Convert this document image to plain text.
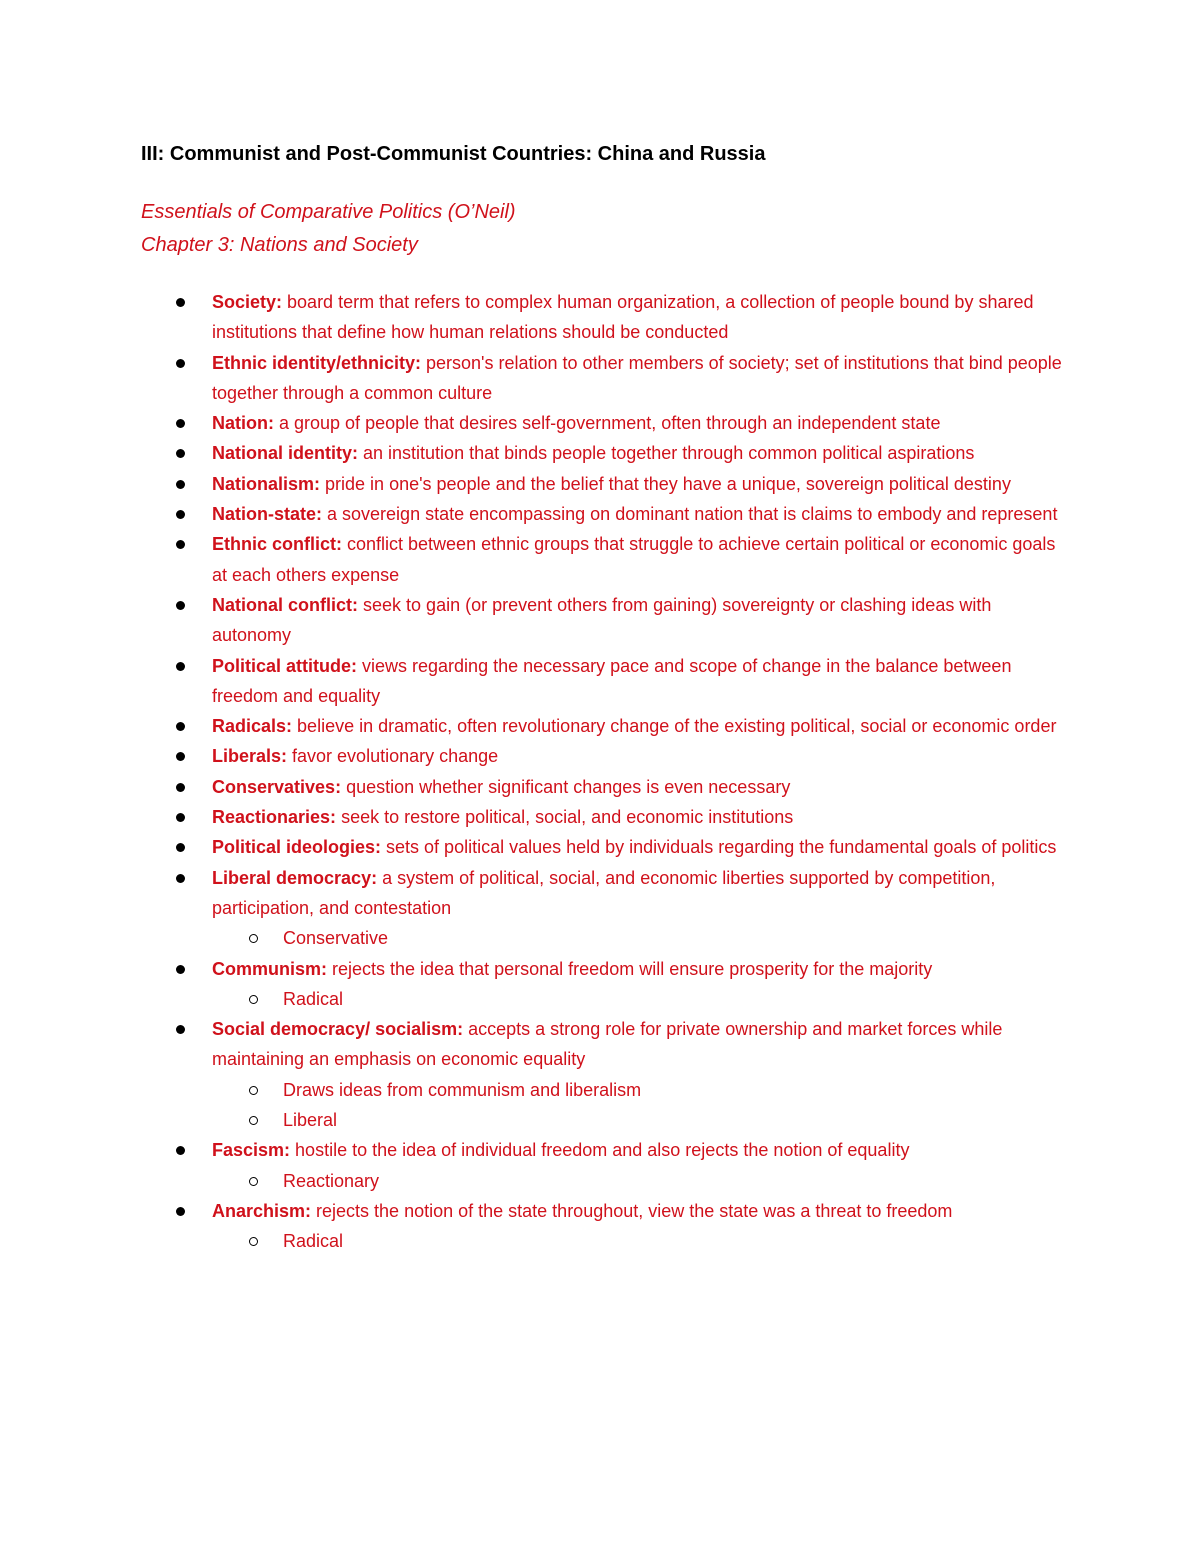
III: Communist and Post-Communist Countries: China and Russia
Essentials of Comparative Politics (O’Neil)
Chapter 3: Nations and Society
Society: board term that refers to complex human organization, a collection of people bound by shared institutions that define how human relations should be conducted
Ethnic identity/ethnicity: person's relation to other members of society; set of institutions that bind people together through a common culture
Nation: a group of people that desires self-government, often through an independent state
National identity: an institution that binds people together through common political aspirations
Nationalism: pride in one's people and the belief that they have a unique, sovereign political destiny
Nation-state: a sovereign state encompassing on dominant nation that is claims to embody and represent
Ethnic conflict: conflict between ethnic groups that struggle to achieve certain political or economic goals at each others expense
National conflict: seek to gain (or prevent others from gaining) sovereignty or clashing ideas with autonomy
Political attitude: views regarding the necessary pace and scope of change in the balance between freedom and equality
Radicals: believe in dramatic, often revolutionary change of the existing political, social or economic order
Liberals: favor evolutionary change
Conservatives: question whether significant changes is even necessary
Reactionaries: seek to restore political, social, and economic institutions
Political ideologies: sets of political values held by individuals regarding the fundamental goals of politics
Liberal democracy: a system of political, social, and economic liberties supported by competition, participation, and contestation
Conservative
Communism: rejects the idea that personal freedom will ensure prosperity for the majority
Radical
Social democracy/ socialism: accepts a strong role for private ownership and market forces while maintaining an emphasis on economic equality
Draws ideas from communism and liberalism
Liberal
Fascism: hostile to the idea of individual freedom and also rejects the notion of equality
Reactionary
Anarchism: rejects the notion of the state throughout, view the state was a threat to freedom
Radical
